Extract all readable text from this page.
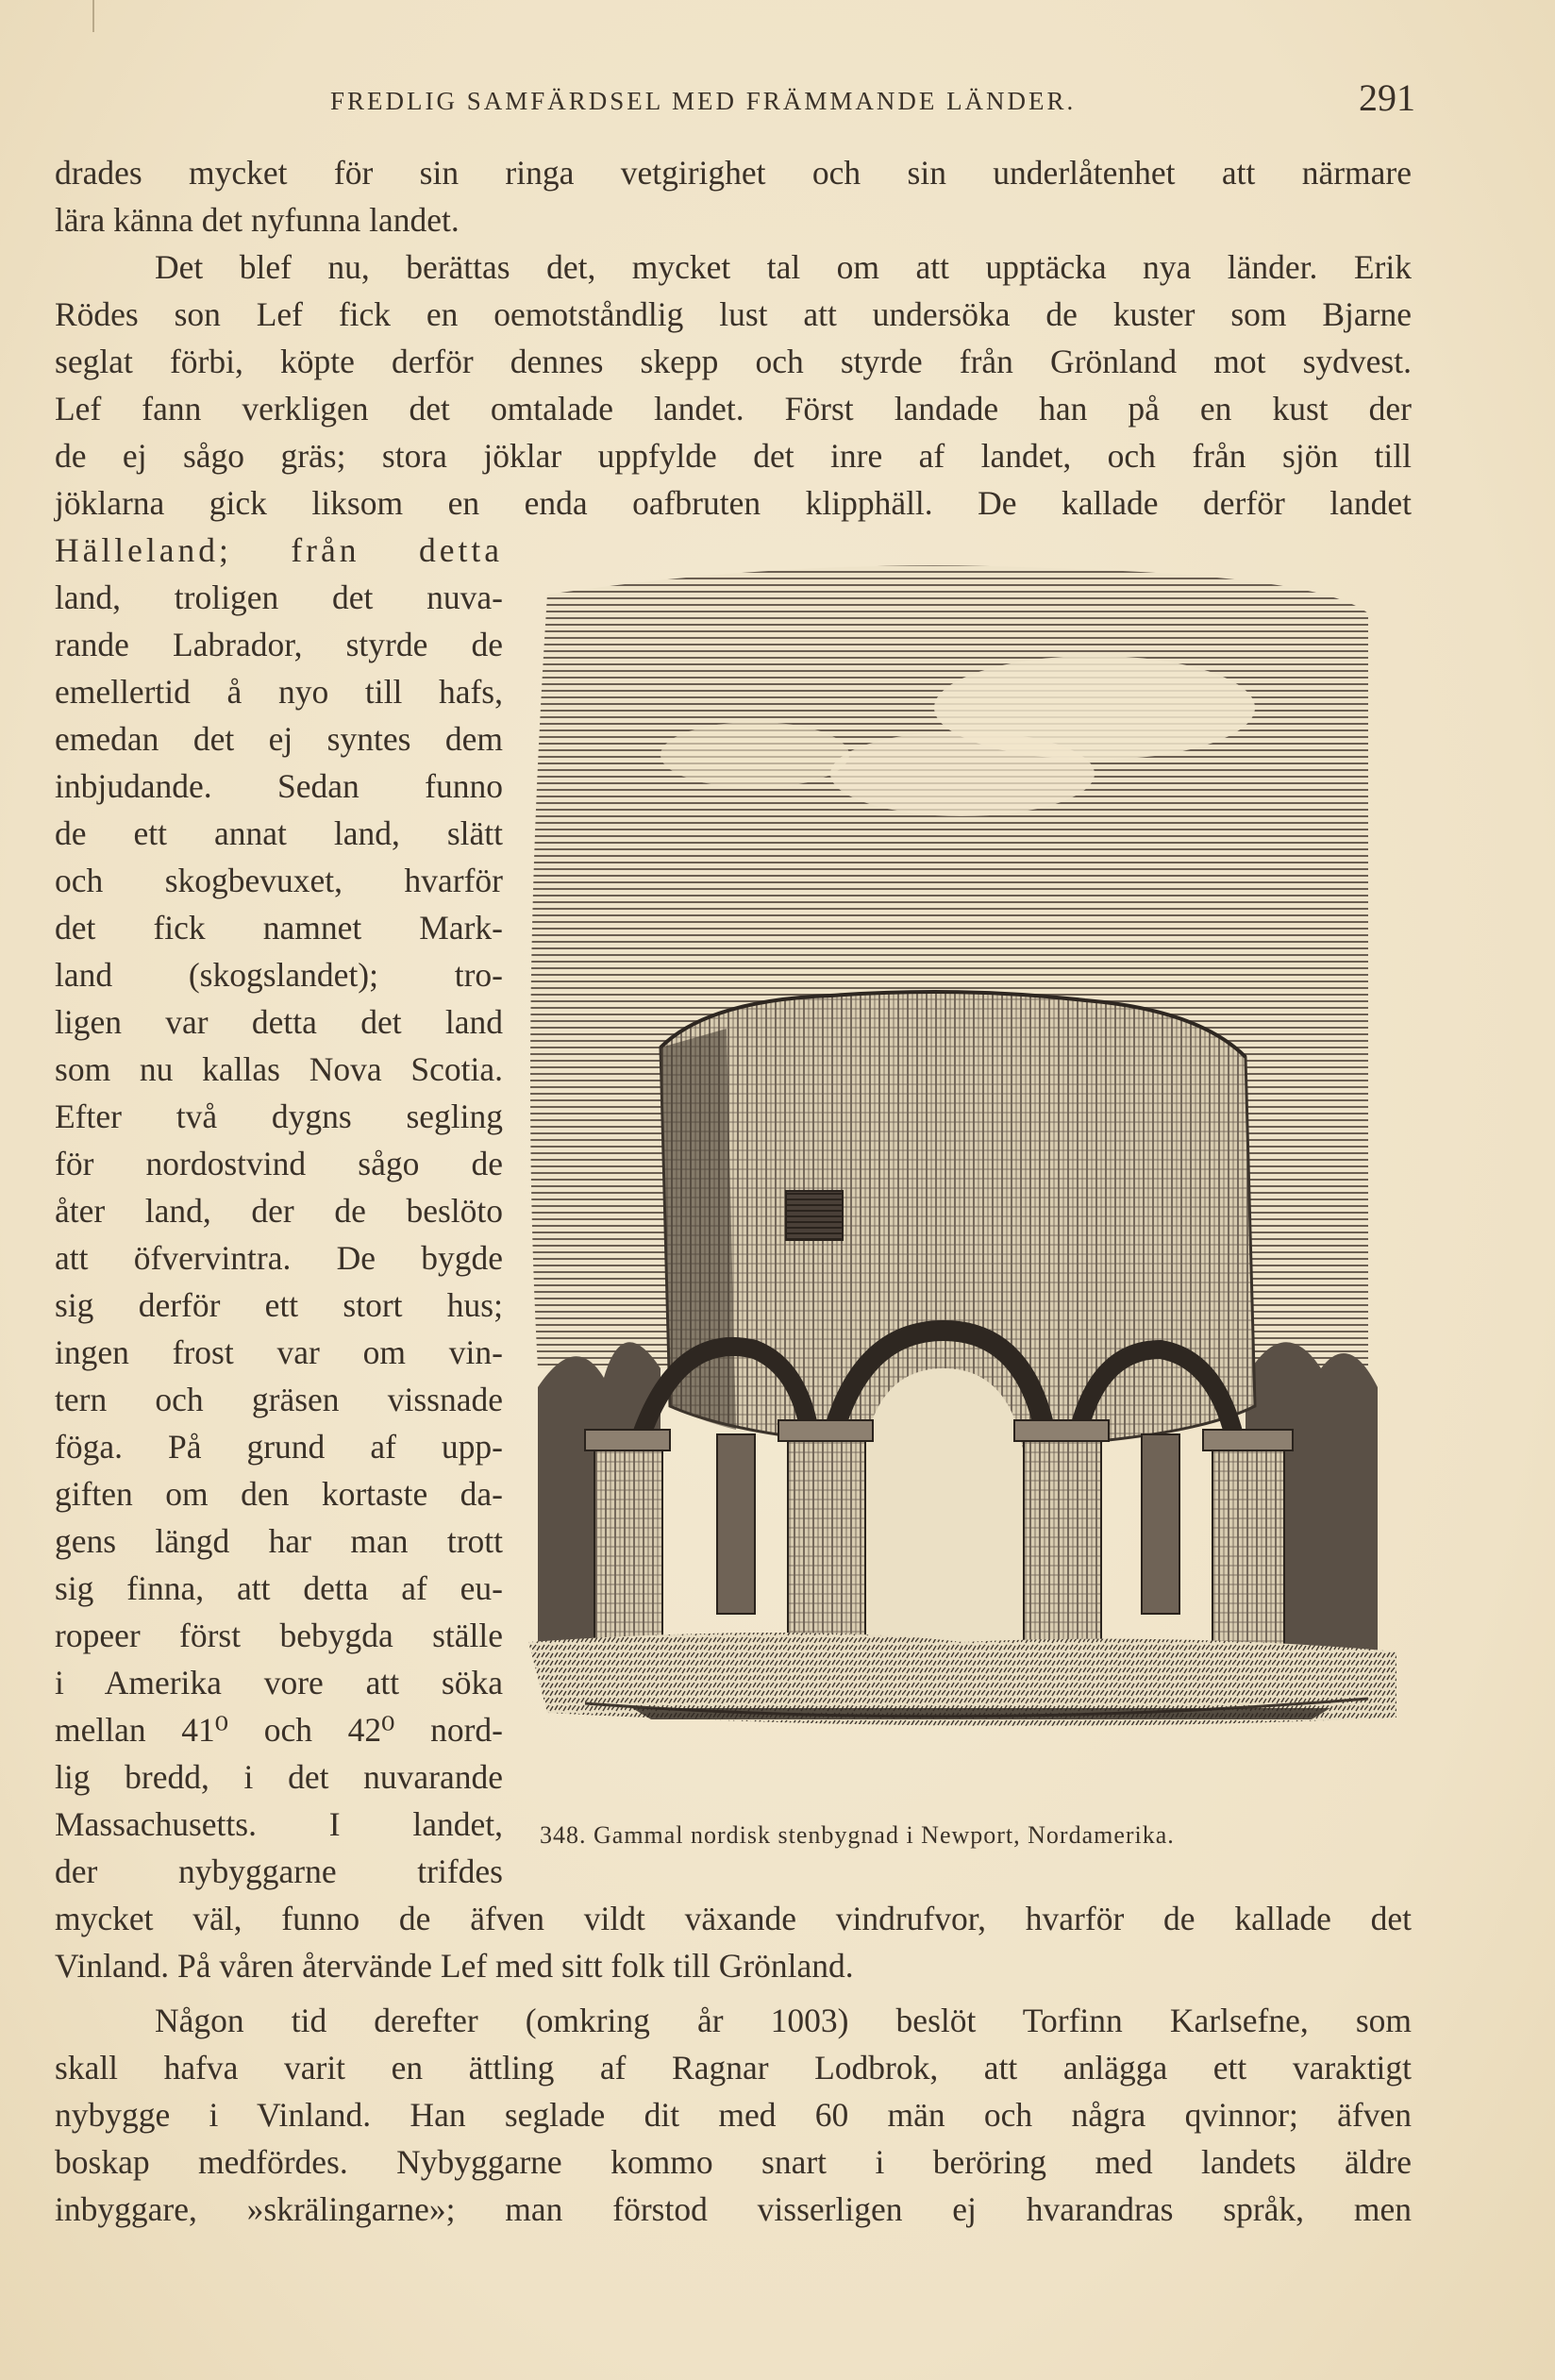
FREDLIG SAMFÄRDSEL MED FRÄMMANDE LÄNDER.	291
drades mycket för sin ringa vetgirighet och sin underlåtenhet att närmare
lära känna det nyfunna landet.
Det blef nu, berättas det, mycket tal om att upptäcka nya länder. Erik
Rödes son Lef fick en oemotståndlig lust att undersöka de kuster som Bjarne
seglat förbi, köpte derför dennes skepp och styrde från Grönland mot sydvest.
Lef fann verkligen det omtalade landet. Först landade han på en kust der
de ej sågo gräs; stora jöklar uppfylde det inre af landet, och från sjön till
jöklarna gick liksom en enda oafbruten klipphäll. De kallade derför landet
Hälleland; från detta
land, troligen det nuva-
rande Labrador, styrde de
emellertid å nyo till hafs,
emedan det ej syntes dem
inbjudande. Sedan funno
de ett annat land, slätt
och skogbevuxet, hvarför
det fick namnet Mark-
land (skogslandet); tro-
ligen var detta det land
som nu kallas Nova Scotia.
Efter två dygns segling
för nordostvind sågo de
åter land, der de beslöto
att öfvervintra. De bygde
sig derför ett stort hus;
ingen frost var om vin-
tern och gräsen vissnade
föga. På grund af upp-
giften om den kortaste da-
gens längd har man trott
sig finna, att detta af eu-
ropeer först bebygda ställe
i Amerika vore att söka
mellan 41⁰ och 42⁰ nord-
lig bredd, i det nuvarande
Massachusetts. I landet,
der nybyggarne trifdes
mycket väl, funno de äfven vildt växande vindrufvor, hvarför de kallade det
Vinland. På våren återvände Lef med sitt folk till Grönland.
Någon tid derefter (omkring år 1003) beslöt Torfinn Karlsefne, som
skall hafva varit en ättling af Ragnar Lodbrok, att anlägga ett varaktigt
nybygge i Vinland. Han seglade dit med 60 män och några qvinnor; äfven
boskap medfördes. Nybyggarne kommo snart i beröring med landets äldre
inbyggare, »skrälingarne»; man förstod visserligen ej hvarandras språk, men
348. Gammal nordisk stenbygnad i Newport, Nordamerika.
